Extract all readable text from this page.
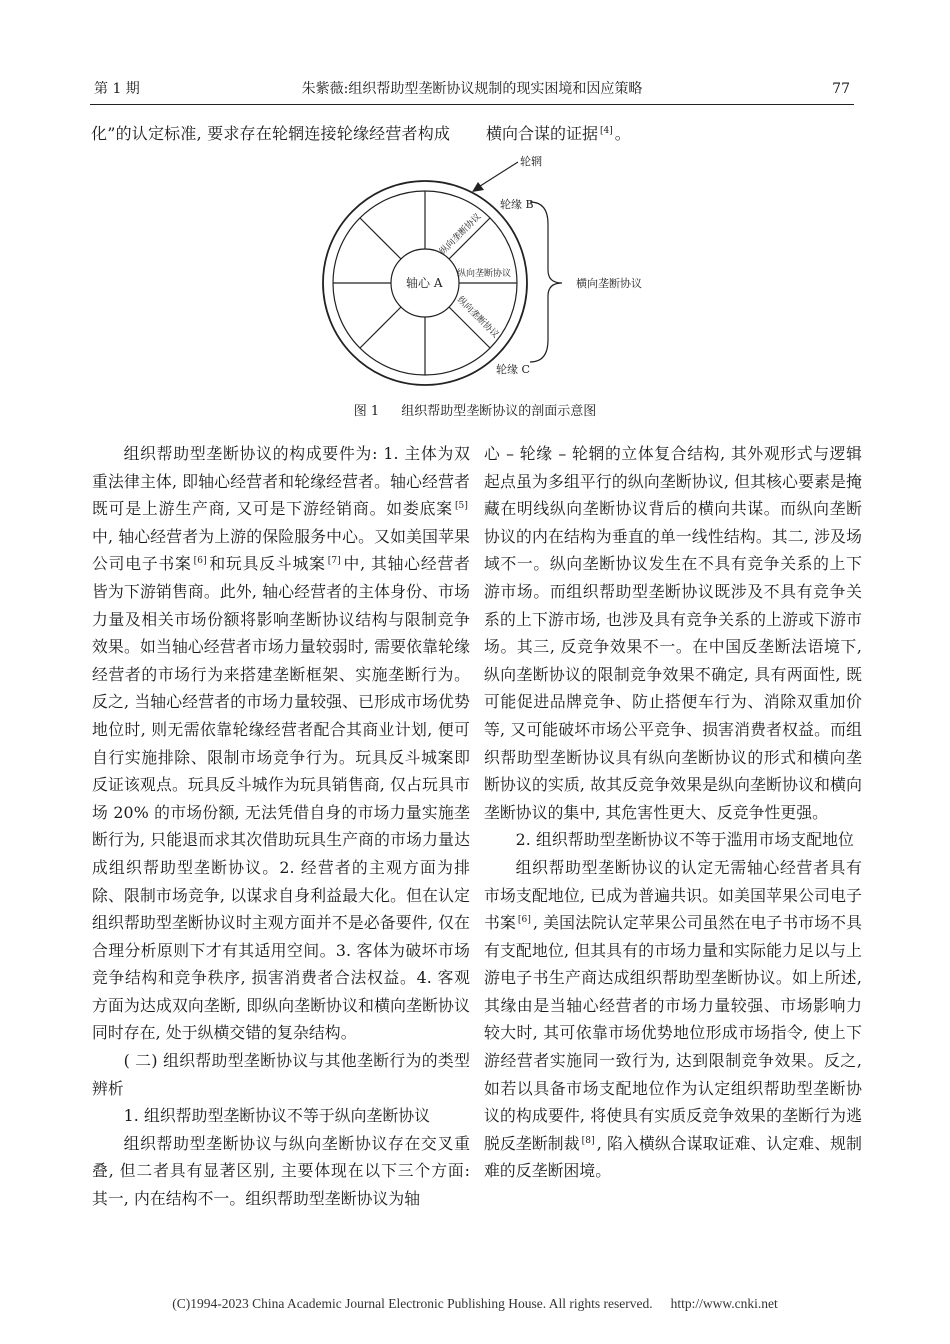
第 1 期	朱紫薇:组织帮助型垄断协议规制的现实困境和因应策略	77
化”的认定标准, 要求存在轮辋连接轮缘经营者构成	横向合谋的证据 [4] 。
轮辋
轮缘 B
轮缘 C
轴心 A
纵向垄断协议
纵向垄断协议
纵向垄断协议
横向垄断协议
图 1 组织帮助型垄断协议的剖面示意图

组织帮助型垄断协议的构成要件为: 1. 主体为双重法律主体, 即轴心经营者和轮缘经营者。轴心经营者既可是上游生产商, 又可是下游经销商。如娄底案 [5]中, 轴心经营者为上游的保险服务中心。又如美国苹果公司电子书案 [6] 和玩具反斗城案 [7] 中, 其轴心经营者皆为下游销售商。此外, 轴心经营者的主体身份、市场力量及相关市场份额将影响垄断协议结构与限制竞争效果。如当轴心经营者市场力量较弱时, 需要依靠轮缘经营者的市场行为来搭建垄断框架、实施垄断行为。反之, 当轴心经营者的市场力量较强、已形成市场优势地位时, 则无需依靠轮缘经营者配合其商业计划, 便可自行实施排除、限制市场竞争行为。玩具反斗城案即反证该观点。玩具反斗城作为玩具销售商, 仅占玩具市场 20% 的市场份额, 无法凭借自身的市场力量实施垄断行为, 只能退而求其次借助玩具生产商的市场力量达成组织帮助型垄断协议。2. 经营者的主观方面为排除、限制市场竞争, 以谋求自身利益最大化。但在认定组织帮助型垄断协议时主观方面并不是必备要件, 仅在合理分析原则下才有其适用空间。3. 客体为破坏市场竞争结构和竞争秩序, 损害消费者合法权益。4. 客观方面为达成双向垄断, 即纵向垄断协议和横向垄断协议同时存在, 处于纵横交错的复杂结构。

( 二) 组织帮助型垄断协议与其他垄断行为的类型辨析
1. 组织帮助型垄断协议不等于纵向垄断协议

组织帮助型垄断协议与纵向垄断协议存在交叉重叠, 但二者具有显著区别, 主要体现在以下三个方面: 其一, 内在结构不一。组织帮助型垄断协议为轴

心 – 轮缘 – 轮辋的立体复合结构, 其外观形式与逻辑起点虽为多组平行的纵向垄断协议, 但其核心要素是掩藏在明线纵向垄断协议背后的横向共谋。而纵向垄断协议的内在结构为垂直的单一线性结构。其二, 涉及场域不一。纵向垄断协议发生在不具有竞争关系的上下游市场。而组织帮助型垄断协议既涉及不具有竞争关系的上下游市场, 也涉及具有竞争关系的上游或下游市场。其三, 反竞争效果不一。在中国反垄断法语境下, 纵向垄断协议的限制竞争效果不确定, 具有两面性, 既可能促进品牌竞争、防止搭便车行为、消除双重加价等, 又可能破坏市场公平竞争、损害消费者权益。而组织帮助型垄断协议具有纵向垄断协议的形式和横向垄断协议的实质, 故其反竞争效果是纵向垄断协议和横向垄断协议的集中, 其危害性更大、反竞争性更强。

2. 组织帮助型垄断协议不等于滥用市场支配地位

组织帮助型垄断协议的认定无需轴心经营者具有市场支配地位, 已成为普遍共识。如美国苹果公司电子书案 [6] , 美国法院认定苹果公司虽然在电子书市场不具有支配地位, 但其具有的市场力量和实际能力足以与上游电子书生产商达成组织帮助型垄断协议。如上所述, 其缘由是当轴心经营者的市场力量较强、市场影响力较大时, 其可依靠市场优势地位形成市场指令, 使上下游经营者实施同一致行为, 达到限制竞争效果。反之, 如若以具备市场支配地位作为认定组织帮助型垄断协议的构成要件, 将使具有实质反竞争效果的垄断行为逃脱反垄断制裁 [8] , 陷入横纵合谋取证难、认定难、规制难的反垄断困境。

(C)1994-2023 China Academic Journal Electronic Publishing House. All rights reserved. http://www.cnki.net
